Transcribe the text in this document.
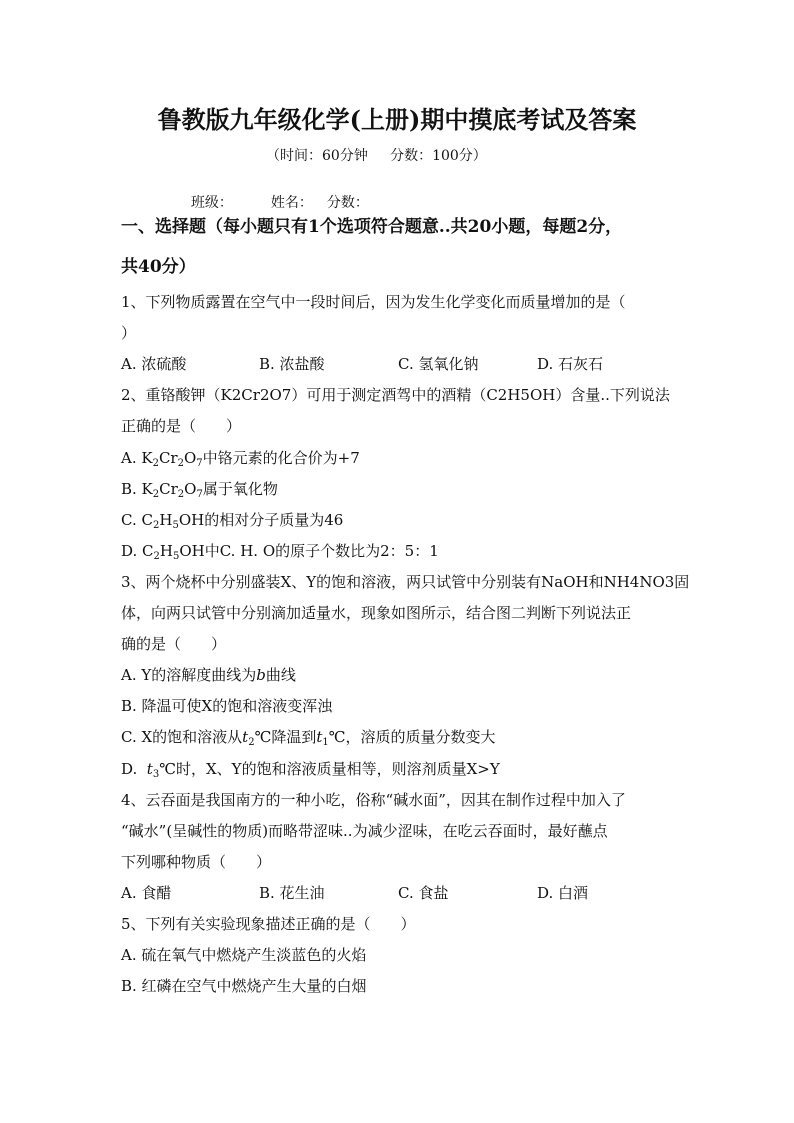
鲁教版九年级化学(上册)期中摸底考试及答案
（时间：60分钟     分数：100分）

班级：	姓名： 分数：

一、选择题（每小题只有1个选项符合题意..共20小题，每题2分，
共40分）
1、下列物质露置在空气中一段时间后，因为发生化学变化而质量增加的是（
）
A. 浓硫酸	B. 浓盐酸	C. 氢氧化钠	D. 石灰石
2、重铬酸钾（K2Cr2O7）可用于测定酒驾中的酒精（C2H5OH）含量..下列说法
正确的是（　　）
A. $K_2Cr_2O_7$中铬元素的化合价为+7
B. $K_2Cr_2O_7$属于氧化物
C. $C_2H_5OH$的相对分子质量为46
D. $C_2H_5OH$中C. H. O的原子个数比为2：5：1
3、两个烧杯中分别盛装X、Y的饱和溶液，两只试管中分别装有NaOH和NH4NO3固
体，向两只试管中分别滴加适量水，现象如图所示，结合图二判断下列说法正
确的是（　　）
A. Y的溶解度曲线为b曲线
B. 降温可使X的饱和溶液变浑浊
C. X的饱和溶液从$t_2℃$降温到$t_1℃$，溶质的质量分数变大
D.  $t_3℃$时，X、Y的饱和溶液质量相等，则溶剂质量X>Y
4、云吞面是我国南方的一种小吃，俗称“碱水面”，因其在制作过程中加入了
“碱水”(呈碱性的物质)而略带涩味..为减少涩味，在吃云吞面时，最好蘸点
下列哪种物质（　　）
A. 食醋	B. 花生油	C. 食盐	D. 白酒
5、下列有关实验现象描述正确的是（　　）
A. 硫在氧气中燃烧产生淡蓝色的火焰
B. 红磷在空气中燃烧产生大量的白烟
